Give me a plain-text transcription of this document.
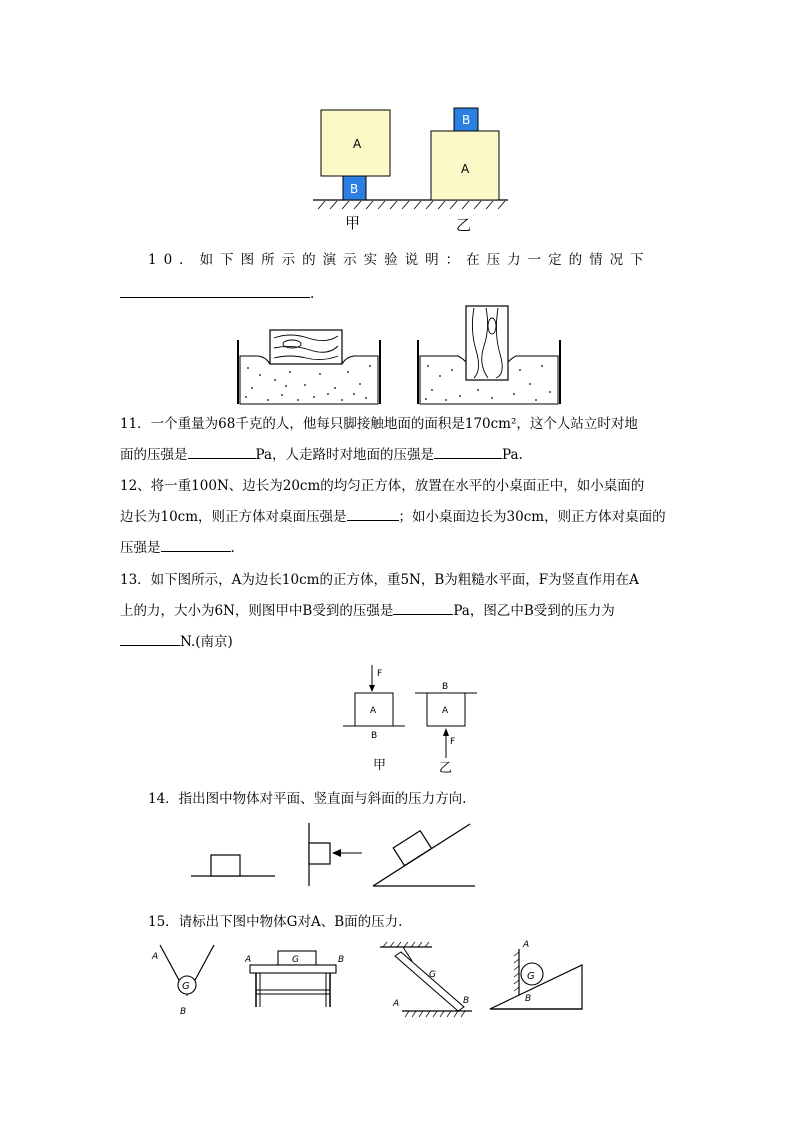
A
B
A
B
甲	乙
10．如下图所示的演示实验说明：在压力一定的情况下
.

11．一个重量为68千克的人，他每只脚接触地面的面积是170cm²，这个人站立时对地

面的压强是	Pa，人走路时对地面的压强是	Pa.

12、将一重100N、边长为20cm的均匀正方体，放置在水平的小桌面正中，如小桌面的

边长为10cm，则正方体对桌面压强是	；如小桌面边长为30cm，则正方体对桌面的

压强是	.

13．如下图所示，A为边长10cm的正方体，重5N，B为粗糙水平面，F为竖直作用在A

上的力，大小为6N，则图甲中B受到的压强是	Pa，图乙中B受到的压力为

N.(南京)

F
A
B
B
A
F
甲	乙
14．指出图中物体对平面、竖直面与斜面的压力方向.
15．请标出下图中物体G对A、B面的压力.
G
A
B
G
A	B
G
A	B
G
A
B
